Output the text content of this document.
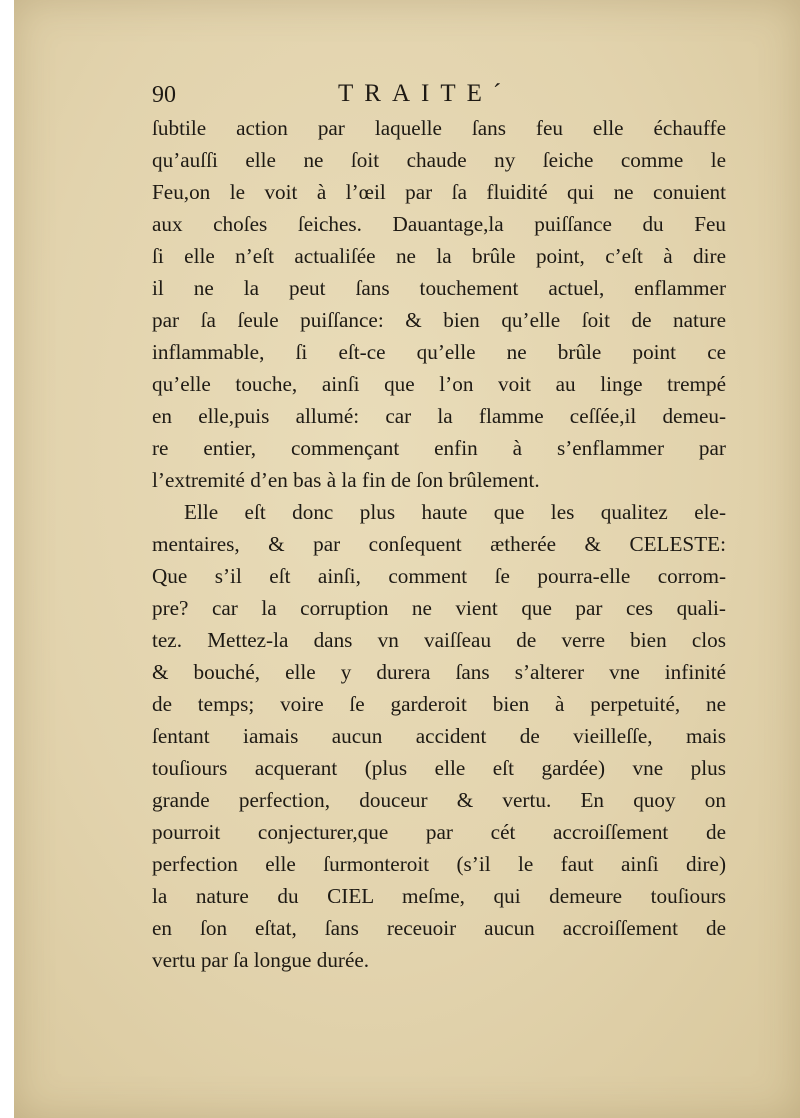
90	TRAITE´
ſubtile action par laquelle ſans feu elle échauffe
qu’auſſi elle ne ſoit chaude ny ſeiche comme le
Feu,on le voit à l’œil par ſa fluidité qui ne conuient
aux choſes ſeiches. Dauantage,la puiſſance du Feu
ſi elle n’eſt actualiſée ne la brûle point, c’eſt à dire
il ne la peut ſans touchement actuel, enflammer
par ſa ſeule puiſſance: & bien qu’elle ſoit de nature
inflammable, ſi eſt-ce qu’elle ne brûle point ce
qu’elle touche, ainſi que l’on voit au linge trempé
en elle,puis allumé: car la flamme ceſſée,il demeu-
re entier, commençant enfin à s’enflammer par
l’extremité d’en bas à la fin de ſon brûlement.
Elle eſt donc plus haute que les qualitez ele-
mentaires, & par conſequent ætherée & CELESTE:
Que s’il eſt ainſi, comment ſe pourra-elle corrom-
pre? car la corruption ne vient que par ces quali-
tez. Mettez-la dans vn vaiſſeau de verre bien clos
& bouché, elle y durera ſans s’alterer vne infinité
de temps; voire ſe garderoit bien à perpetuité, ne
ſentant iamais aucun accident de vieilleſſe, mais
touſiours acquerant (plus elle eſt gardée) vne plus
grande perfection, douceur & vertu. En quoy on
pourroit conjecturer,que par cét accroiſſement de
perfection elle ſurmonteroit (s’il le faut ainſi dire)
la nature du CIEL meſme, qui demeure touſiours
en ſon eſtat, ſans receuoir aucun accroiſſement de
vertu par ſa longue durée.
